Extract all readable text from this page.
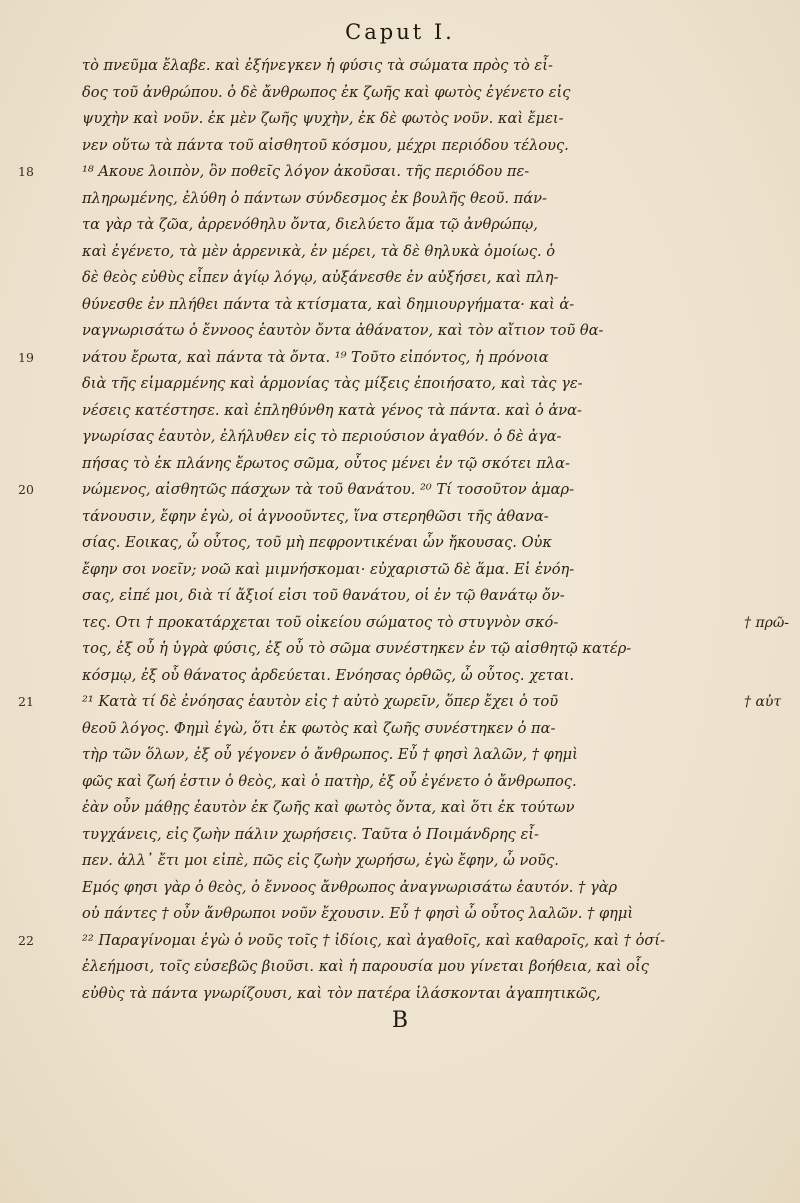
Caput I.
τὸ πνεῦμα ἔλαβε. καὶ ἐξήνεγκεν ἡ φύσις τὰ σώματα πρὸς τὸ εἶ-
δος τοῦ ἀνθρώπου. ὁ δὲ ἄνθρωπος ἐκ ζωῆς καὶ φωτὸς ἐγένετο εἰς
ψυχὴν καὶ νοῦν. ἐκ μὲν ζωῆς ψυχὴν, ἐκ δὲ φωτὸς νοῦν. καὶ ἔμει-
νεν οὕτω τὰ πάντα τοῦ αἰσθητοῦ κόσμου, μέχρι περιόδου τέλους.
18	¹⁸ Ακουε λοιπὸν, ὃν ποθεῖς λόγον ἀκοῦσαι. τῆς περιόδου πε-
πληρωμένης, ἐλύθη ὁ πάντων σύνδεσμος ἐκ βουλῆς θεοῦ. πάν-
τα γὰρ τὰ ζῶα, ἀρρενόθηλυ ὄντα, διελύετο ἅμα τῷ ἀνθρώπῳ,
καὶ ἐγένετο, τὰ μὲν ἀρρενικὰ, ἐν μέρει, τὰ δὲ θηλυκὰ ὁμοίως. ὁ
δὲ θεὸς εὐθὺς εἶπεν ἁγίῳ λόγῳ, αὐξάνεσθε ἐν αὐξήσει, καὶ πλη-
θύνεσθε ἐν πλήθει πάντα τὰ κτίσματα, καὶ δημιουργήματα· καὶ ἀ-
ναγνωρισάτω ὁ ἔννοος ἑαυτὸν ὄντα ἀθάνατον, καὶ τὸν αἴτιον τοῦ θα-
19	νάτου ἔρωτα, καὶ πάντα τὰ ὄντα. ¹⁹ Τοῦτο εἰπόντος, ἡ πρόνοια
διὰ τῆς εἱμαρμένης καὶ ἁρμονίας τὰς μίξεις ἐποιήσατο, καὶ τὰς γε-
νέσεις κατέστησε. καὶ ἐπληθύνθη κατὰ γένος τὰ πάντα. καὶ ὁ ἀνα-
γνωρίσας ἑαυτὸν, ἐλήλυθεν εἰς τὸ περιούσιον ἀγαθόν. ὁ δὲ ἀγα-
πήσας τὸ ἐκ πλάνης ἔρωτος σῶμα, οὗτος μένει ἐν τῷ σκότει πλα-
20	νώμενος, αἰσθητῶς πάσχων τὰ τοῦ θανάτου. ²⁰ Τί τοσοῦτον ἁμαρ-
τάνουσιν, ἔφην ἐγὼ, οἱ ἀγνοοῦντες, ἵνα στερηθῶσι τῆς ἀθανα-
σίας. Εοικας, ὦ οὗτος, τοῦ μὴ πεφροντικέναι ὧν ἤκουσας. Οὐκ
ἔφην σοι νοεῖν; νοῶ καὶ μιμνήσκομαι· εὐχαριστῶ δὲ ἅμα. Εἰ ἐνόη-
σας, εἰπέ μοι, διὰ τί ἄξιοί εἰσι τοῦ θανάτου, οἱ ἐν τῷ θανάτῳ ὄν-
τες. Οτι † προκατάρχεται τοῦ οἰκείου σώματος τὸ στυγνὸν σκό-	† πρῶ-
τος, ἐξ οὗ ἡ ὑγρὰ φύσις, ἐξ οὗ τὸ σῶμα συνέστηκεν ἐν τῷ αἰσθητῷ κατέρ-
κόσμῳ, ἐξ οὗ θάνατος ἀρδεύεται. Ενόησας ὀρθῶς, ὦ οὗτος. χεται.
21	²¹ Κατὰ τί δὲ ἐνόησας ἑαυτὸν εἰς † αὐτὸ χωρεῖν, ὅπερ ἔχει ὁ τοῦ	† αὐτ
θεοῦ λόγος. Φημὶ ἐγὼ, ὅτι ἐκ φωτὸς καὶ ζωῆς συνέστηκεν ὁ πα-
τὴρ τῶν ὅλων, ἐξ οὗ γέγονεν ὁ ἄνθρωπος. Εὖ † φησὶ λαλῶν, † φημὶ
φῶς καὶ ζωή ἐστιν ὁ θεὸς, καὶ ὁ πατὴρ, ἐξ οὗ ἐγένετο ὁ ἄνθρωπος.
ἐὰν οὖν μάθῃς ἑαυτὸν ἐκ ζωῆς καὶ φωτὸς ὄντα, καὶ ὅτι ἐκ τούτων
τυγχάνεις, εἰς ζωὴν πάλιν χωρήσεις. Ταῦτα ὁ Ποιμάνδρης εἶ-
πεν. ἀλλ᾽ ἔτι μοι εἰπὲ, πῶς εἰς ζωὴν χωρήσω, ἐγὼ ἔφην, ὦ νοῦς.
Εμός φησι γὰρ ὁ θεὸς, ὁ ἔννοος ἄνθρωπος ἀναγνωρισάτω ἑαυτόν. † γὰρ
οὐ πάντες † οὖν ἄνθρωποι νοῦν ἔχουσιν. Εὖ † φησὶ ὦ οὗτος λαλῶν. † φημὶ
22	²² Παραγίνομαι ἐγὼ ὁ νοῦς τοῖς † ἰδίοις, καὶ ἀγαθοῖς, καὶ καθαροῖς, καὶ † ὁσί-
ἐλεήμοσι, τοῖς εὐσεβῶς βιοῦσι. καὶ ἡ παρουσία μου γίνεται βοήθεια, καὶ οἷς
εὐθὺς τὰ πάντα γνωρίζουσι, καὶ τὸν πατέρα ἱλάσκονται ἀγαπητικῶς,
B
